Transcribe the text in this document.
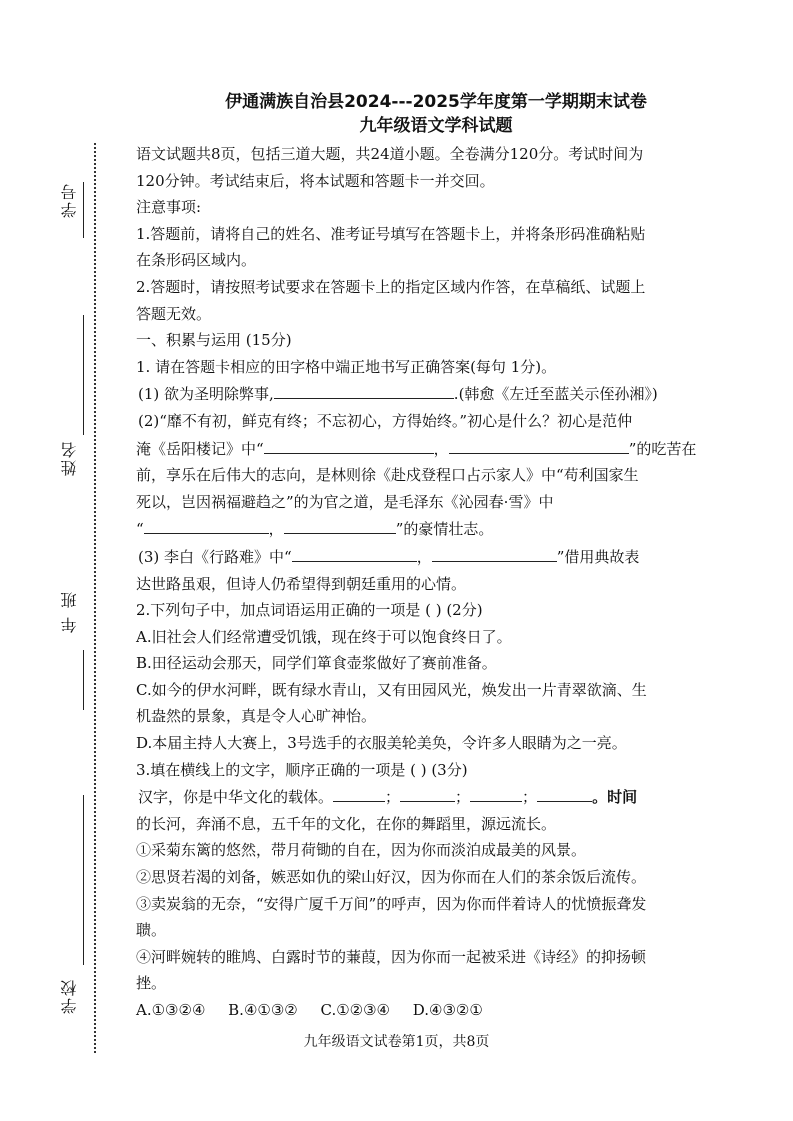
学号
姓名
年 班
学校
伊通满族自治县2024---2025学年度第一学期期末试卷
九年级语文学科试题
语文试题共8页，包括三道大题，共24道小题。全卷满分120分。考试时间为
120分钟。考试结束后，将本试题和答题卡一并交回。
注意事项:
1.答题前，请将自己的姓名、准考证号填写在答题卡上，并将条形码准确粘贴
在条形码区域内。
2.答题时，请按照考试要求在答题卡上的指定区域内作答，在草稿纸、试题上
答题无效。
一、积累与运用 (15分)
1. 请在答题卡相应的田字格中端正地书写正确答案(每句 1分)。
(1) 欲为圣明除弊事,	.(韩愈《左迁至蓝关示侄孙湘》)
(2)“靡不有初，鲜克有终；不忘初心，方得始终。”初心是什么？初心是范仲
淹《岳阳楼记》中“	，	”的吃苦在
前，享乐在后伟大的志向，是林则徐《赴戍登程口占示家人》中“苟利国家生
死以，岂因祸福避趋之”的为官之道，是毛泽东《沁园春·雪》中
“	，	”的豪情壮志。
(3) 李白《行路难》中“	，	”借用典故表
达世路虽艰，但诗人仍希望得到朝廷重用的心情。
2.下列句子中，加点词语运用正确的一项是 ( ) (2分)
A.旧社会人们经常遭受饥饿，现在终于可以饱食终日了。
B.田径运动会那天，同学们箪食壶浆做好了赛前准备。
C.如今的伊水河畔，既有绿水青山，又有田园风光，焕发出一片青翠欲滴、生
机盎然的景象，真是令人心旷神怡。
D.本届主持人大赛上，3号选手的衣服美轮美奂，令许多人眼睛为之一亮。
3.填在横线上的文字，顺序正确的一项是 ( ) (3分)
汉字，你是中华文化的载体。	；	；	；	。时间
的长河，奔涌不息，五千年的文化，在你的舞蹈里，源远流长。
①采菊东篱的悠然，带月荷锄的自在，因为你而淡泊成最美的风景。
②思贤若渴的刘备，嫉恶如仇的梁山好汉，因为你而在人们的茶余饭后流传。
③卖炭翁的无奈，“安得广厦千万间”的呼声，因为你而伴着诗人的忧愤振聋发
聩。
④河畔婉转的睢鸠、白露时节的蒹葭，因为你而一起被采进《诗经》的抑扬顿
挫。
A.①③②④ B.④①③② C.①②③④ D.④③②①
九年级语文试卷第1页，共8页
